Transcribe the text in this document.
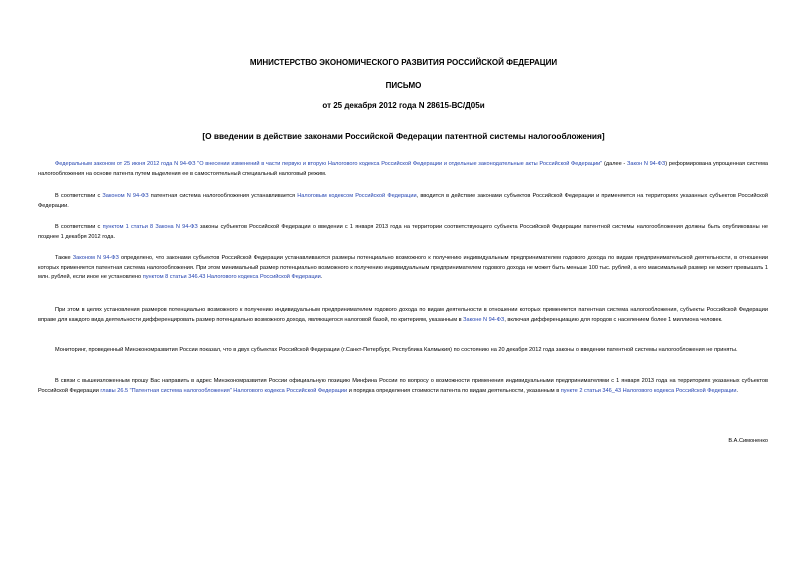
МИНИСТЕРСТВО ЭКОНОМИЧЕСКОГО РАЗВИТИЯ РОССИЙСКОЙ ФЕДЕРАЦИИ
ПИСЬМО
от 25 декабря 2012 года N 28615-ВС/Д05и
[О введении в действие законами Российской Федерации патентной системы налогообложения]

Федеральным законом от 25 июня 2012 года N 94-ФЗ "О внесении изменений в части первую и вторую Налогового кодекса Российской Федерации и отдельные законодательные акты Российской Федерации" (далее - Закон N 94-ФЗ) реформирована упрощенная система налогообложения на основе патента путем выделения ее в самостоятельный специальный налоговый режим.

В соответствии с Законом N 94-ФЗ патентная система налогообложения устанавливается Налоговым кодексом Российской Федерации, вводится в действие законами субъектов Российской Федерации и применяется на территориях указанных субъектов Российской Федерации.

В соответствии с пунктом 1 статьи 8 Закона N 94-ФЗ законы субъектов Российской Федерации о введении с 1 января 2013 года на территории соответствующего субъекта Российской Федерации патентной системы налогообложения должны быть опубликованы не позднее 1 декабря 2012 года.

Также Законом N 94-ФЗ определено, что законами субъектов Российской Федерации устанавливаются размеры потенциально возможного к получению индивидуальным предпринимателем годового дохода по видам предпринимательской деятельности, в отношении которых применяется патентная система налогообложения. При этом минимальный размер потенциально возможного к получению индивидуальным предпринимателем годового дохода не может быть меньше 100 тыс. рублей, а его максимальный размер не может превышать 1 млн. рублей, если иное не установлено пунктом 8 статьи 346.43 Налогового кодекса Российской Федерации.

При этом в целях установления размеров потенциально возможного к получению индивидуальным предпринимателем годового дохода по видам деятельности в отношении которых применяется патентная система налогообложения, субъекты Российской Федерации вправе для каждого вида деятельности дифференцировать размер потенциально возможного дохода, являющегося налоговой базой, по критериям, указанным в Законе N 94-ФЗ, включая дифференциацию для городов с населением более 1 миллиона человек.

Мониторинг, проведенный Минэкономразвития России показал, что в двух субъектах Российской Федерации (г.Санкт-Петербург, Республика Калмыкия) по состоянию на 20 декабря 2012 года законы о введении патентной системы налогообложения не приняты.

В связи с вышеизложенным прошу Вас направить в адрес Минэкономразвития России официальную позицию Минфина России по вопросу о возможности применения индивидуальными предпринимателями с 1 января 2013 года на территориях указанных субъектов Российской Федерации главы 26.5 "Патентная система налогообложения" Налогового кодекса Российской Федерации и порядка определения стоимости патента по видам деятельности, указанным в пункте 2 статьи 346_43 Налогового кодекса Российской Федерации.

В.А.Симоненко
